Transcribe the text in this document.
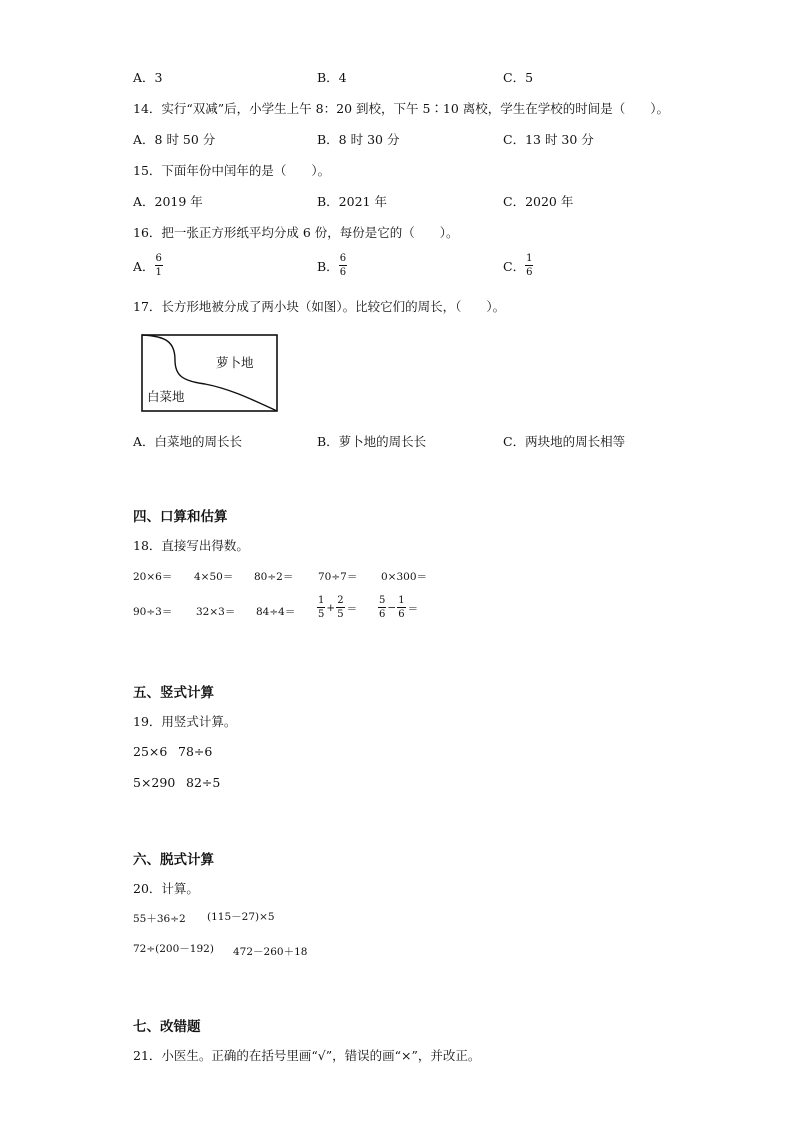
A．3	B．4	C．5
14．实行“双减”后，小学生上午 8：20 到校，下午 5∶10 离校，学生在学校的时间是（　　）。
A．8 时 50 分	B．8 时 30 分	C．13 时 30 分
15．下面年份中闰年的是（　　）。
A．2019 年	B．2021 年	C．2020 年
16．把一张正方形纸平均分成 6 份，每份是它的（　　）。
A． $\frac{6}{1}$	B． $\frac{6}{6}$	C． $\frac{1}{6}$
17．长方形地被分成了两小块（如图）。比较它们的周长，（　　）。
萝卜地
白菜地
A．白菜地的周长长	B．萝卜地的周长长	C．两块地的周长相等
四、口算和估算
18．直接写出得数。
20×6＝ 4×50＝ 80÷2＝ 70÷7＝ 0×300＝
$90\div 3= 32\times 3= 84\div 4= \frac{1}{5} + \frac{2}{5} = \frac{5}{6} - \frac{1}{6}$ ＝
五、竖式计算
19．用竖式计算。
25×6 78÷6
5×290 82÷5
六、脱式计算
20．计算。
55＋36÷2 (115－27)×5
72÷(200－192) 472－260＋18
七、改错题
21．小医生。正确的在括号里画“√”，错误的画“×”，并改正。
